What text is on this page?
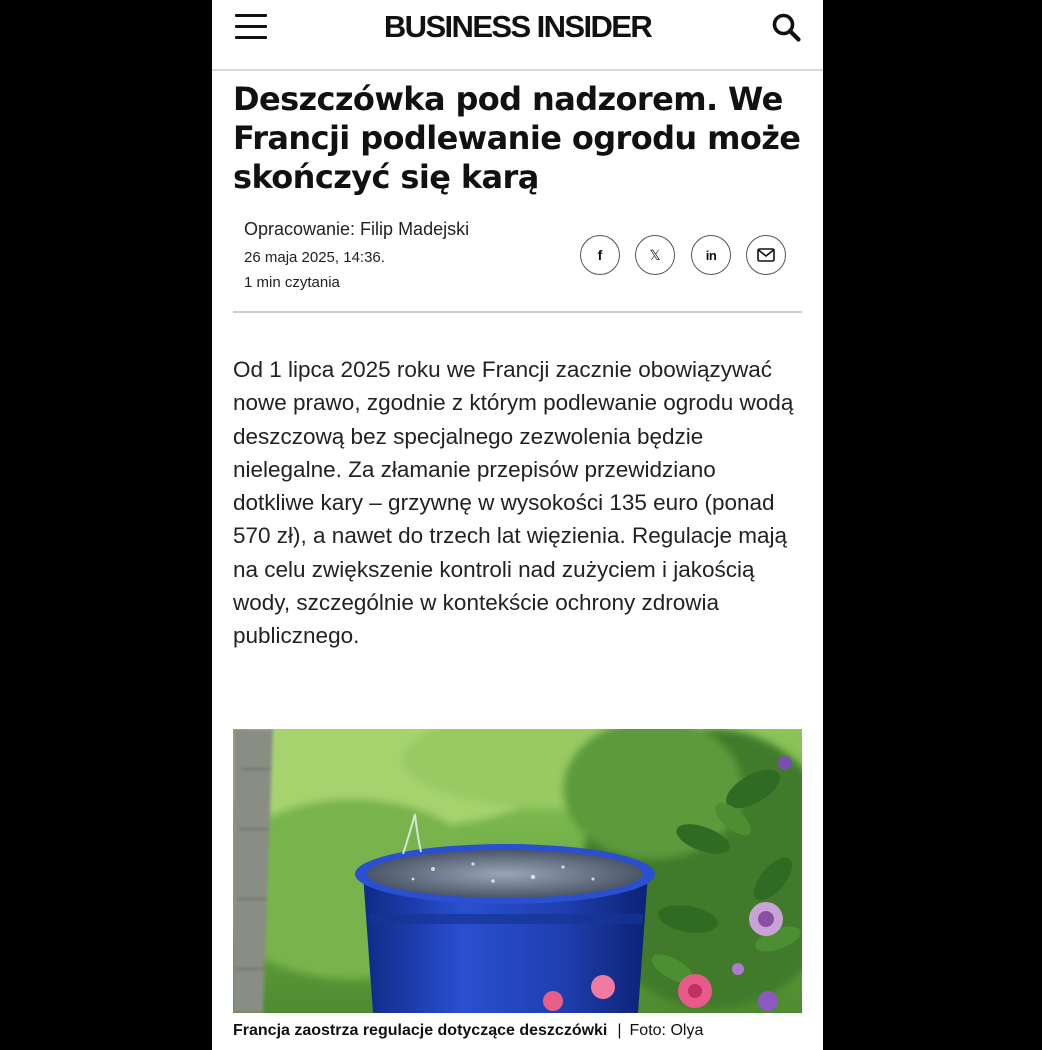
BUSINESS INSIDER
Deszczówka pod nadzorem. We Francji podlewanie ogrodu może skończyć się karą
Opracowanie: Filip Madejski
26 maja 2025, 14:36.
1 min czytania
f	𝕏	in

Od 1 lipca 2025 roku we Francji zacznie obowiązywać nowe prawo, zgodnie z którym podlewanie ogrodu wodą deszczową bez specjalnego zezwolenia będzie nielegalne. Za złamanie przepisów przewidziano dotkliwe kary – grzywnę w wysokości 135 euro (ponad 570 zł), a nawet do trzech lat więzienia. Regulacje mają na celu zwiększenie kontroli nad zużyciem i jakością wody, szczególnie w kontekście ochrony zdrowia publicznego.

Francja zaostrza regulacje dotyczące deszczówki | Foto: Olya
